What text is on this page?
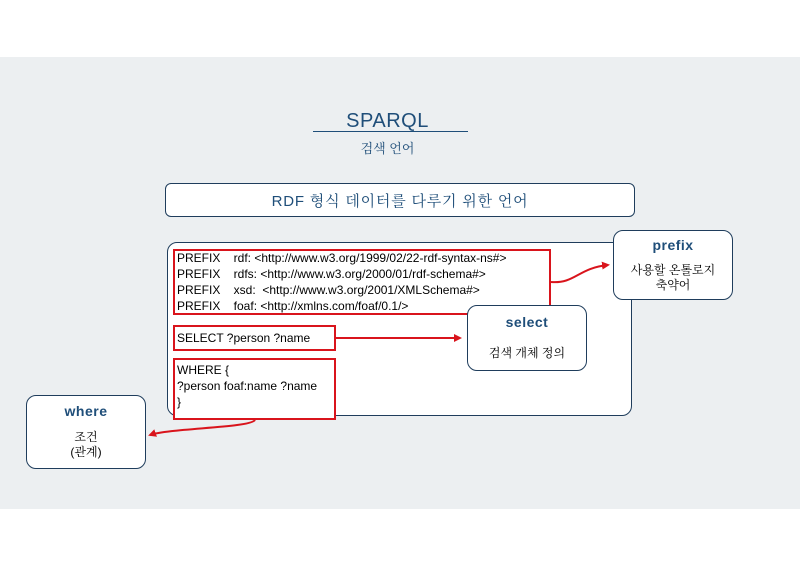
SPARQL
검색 언어
RDF 형식 데이터를 다루기 위한 언어
PREFIX    rdf: <http://www.w3.org/1999/02/22-rdf-syntax-ns#>
PREFIX    rdfs: <http://www.w3.org/2000/01/rdf-schema#>
PREFIX    xsd:  <http://www.w3.org/2001/XMLSchema#>
PREFIX    foaf: <http://xmlns.com/foaf/0.1/>
SELECT ?person ?name
WHERE {
?person foaf:name ?name
}
prefix
사용할 온톨로지
축약어
select
검색 개체 정의
where
조건
(관계)
